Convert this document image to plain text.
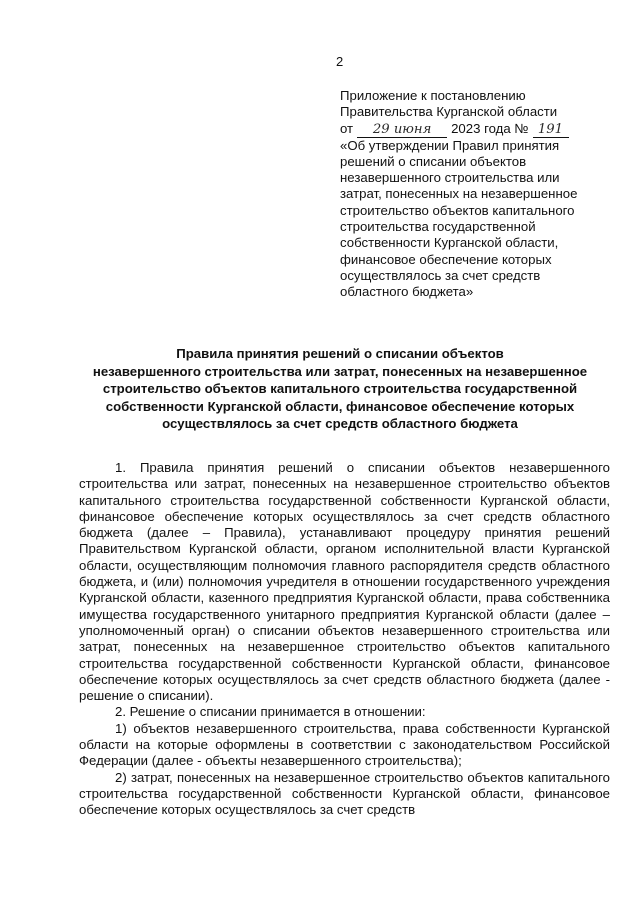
2
Приложение к постановлению
Правительства Курганской области
от 29 июня 2023 года № 191
«Об утверждении Правил принятия
решений о списании объектов
незавершенного строительства или
затрат, понесенных на незавершенное
строительство объектов капитального
строительства государственной
собственности Курганской области,
финансовое обеспечение которых
осуществлялось за счет средств
областного бюджета»
Правила принятия решений о списании объектов
незавершенного строительства или затрат, понесенных на незавершенное
строительство объектов капитального строительства государственной
собственности Курганской области, финансовое обеспечение которых
осуществлялось за счет средств областного бюджета

1. Правила принятия решений о списании объектов незавершенного строительства или затрат, понесенных на незавершенное строительство объектов капитального строительства государственной собственности Курганской области, финансовое обеспечение которых осуществлялось за счет средств областного бюджета (далее – Правила), устанавливают процедуру принятия решений Правительством Курганской области, органом исполнительной власти Курганской области, осуществляющим полномочия главного распорядителя средств областного бюджета, и (или) полномочия учредителя в отношении государственного учреждения Курганской области, казенного предприятия Курганской области, права собственника имущества государственного унитарного предприятия Курганской области (далее – уполномоченный орган) о списании объектов незавершенного строительства или затрат, понесенных на незавершенное строительство объектов капитального строительства государственной собственности Курганской области, финансовое обеспечение которых осуществлялось за счет средств областного бюджета (далее - решение о списании).

2. Решение о списании принимается в отношении:

1) объектов незавершенного строительства, права собственности Курганской области на которые оформлены в соответствии с законодательством Российской Федерации (далее - объекты незавершенного строительства);

2) затрат, понесенных на незавершенное строительство объектов капитального строительства государственной собственности Курганской области, финансовое обеспечение которых осуществлялось за счет средств
